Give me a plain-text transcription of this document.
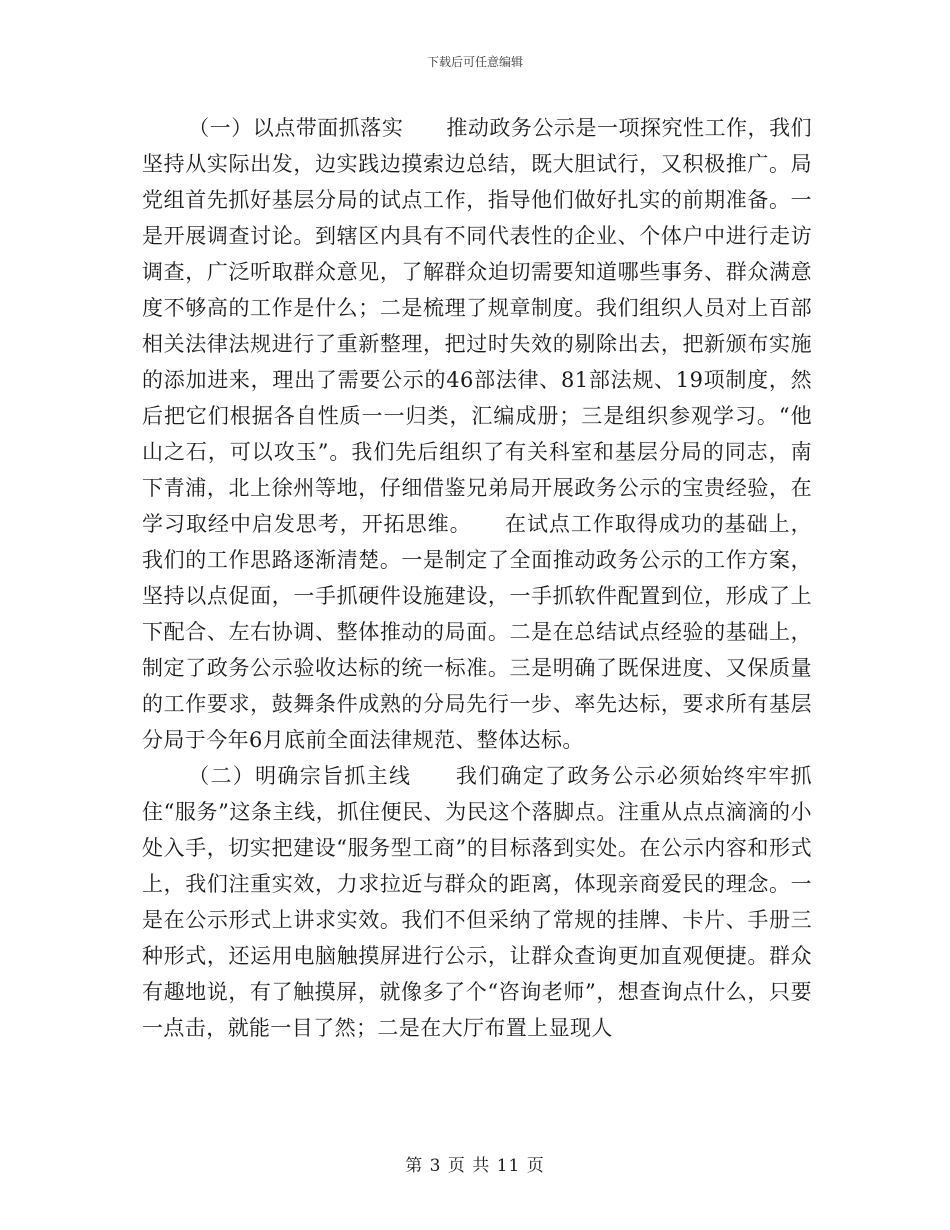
下载后可任意编辑

（一）以点带面抓落实　　推动政务公示是一项探究性工作，我们坚持从实际出发，边实践边摸索边总结，既大胆试行，又积极推广。局党组首先抓好基层分局的试点工作，指导他们做好扎实的前期准备。一是开展调查讨论。到辖区内具有不同代表性的企业、个体户中进行走访调查，广泛听取群众意见，了解群众迫切需要知道哪些事务、群众满意度不够高的工作是什么；二是梳理了规章制度。我们组织人员对上百部相关法律法规进行了重新整理，把过时失效的剔除出去，把新颁布实施的添加进来，理出了需要公示的46部法律、81部法规、19项制度，然后把它们根据各自性质一一归类，汇编成册；三是组织参观学习。“他山之石，可以攻玉”。我们先后组织了有关科室和基层分局的同志，南下青浦，北上徐州等地，仔细借鉴兄弟局开展政务公示的宝贵经验，在学习取经中启发思考，开拓思维。　　在试点工作取得成功的基础上，我们的工作思路逐渐清楚。一是制定了全面推动政务公示的工作方案，坚持以点促面，一手抓硬件设施建设，一手抓软件配置到位，形成了上下配合、左右协调、整体推动的局面。二是在总结试点经验的基础上，制定了政务公示验收达标的统一标准。三是明确了既保进度、又保质量的工作要求，鼓舞条件成熟的分局先行一步、率先达标，要求所有基层分局于今年6月底前全面法律规范、整体达标。

（二）明确宗旨抓主线　　我们确定了政务公示必须始终牢牢抓住“服务”这条主线，抓住便民、为民这个落脚点。注重从点点滴滴的小处入手，切实把建设“服务型工商”的目标落到实处。在公示内容和形式上，我们注重实效，力求拉近与群众的距离，体现亲商爱民的理念。一是在公示形式上讲求实效。我们不但采纳了常规的挂牌、卡片、手册三种形式，还运用电脑触摸屏进行公示，让群众查询更加直观便捷。群众有趣地说，有了触摸屏，就像多了个“咨询老师”，想查询点什么，只要一点击，就能一目了然；二是在大厅布置上显现人

第 3 页 共 11 页
